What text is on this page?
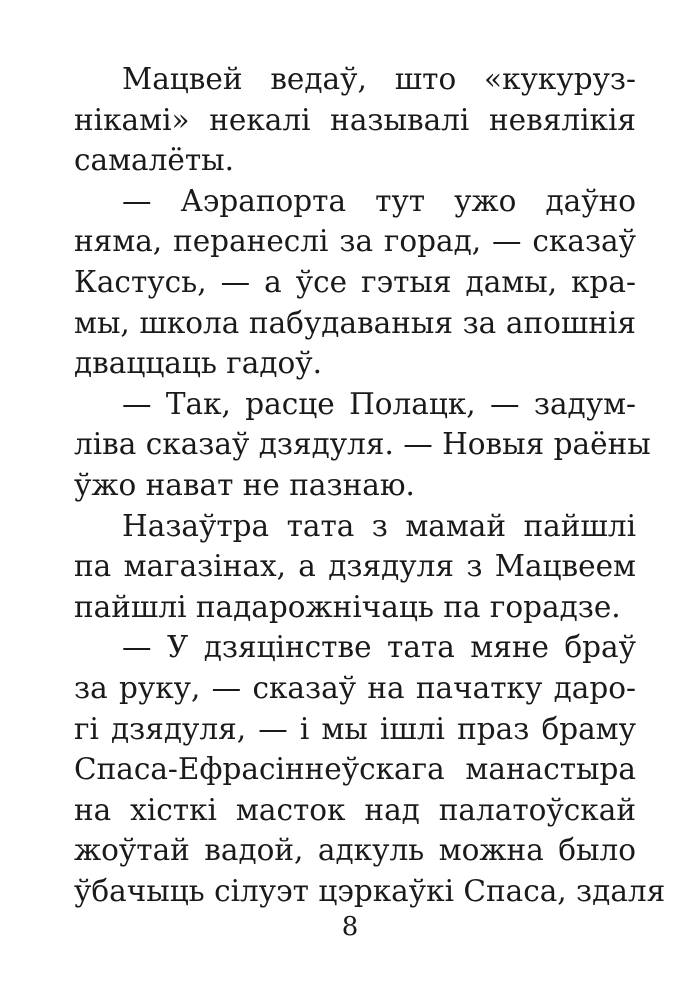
Мацвей ведаў, што «кукуруз-
нікамі» некалі называлі невялікія
самалёты.

— Аэрапорта тут ужо даўно
няма, перанеслі за горад, — сказаў
Кастусь, — а ўсе гэтыя дамы, кра-
мы, школа пабудаваныя за апошнія
дваццаць гадоў.

— Так, расце Полацк, — задум-
ліва сказаў дзядуля. — Новыя раёны
ўжо нават не пазнаю.

Назаўтра тата з мамай пайшлі
па магазінах, а дзядуля з Мацвеем
пайшлі падарожнічаць па горадзе.

— У дзяцінстве тата мяне браў
за руку, — сказаў на пачатку даро-
гі дзядуля, — і мы ішлі праз браму
Спаса-Ефрасіннеўскага манастыра
на хісткі масток над палатоўскай
жоўтай вадой, адкуль можна было
ўбачыць сілуэт цэркаўкі Спаса, здаля

8
